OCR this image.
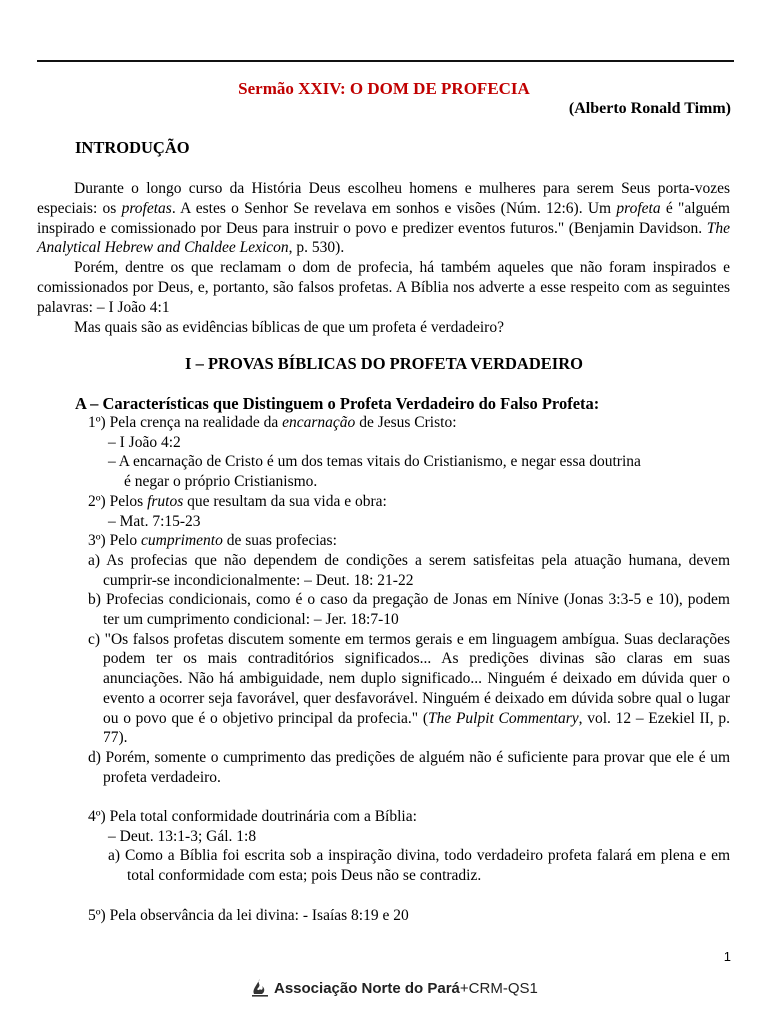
Sermão XXIV: O DOM DE PROFECIA
(Alberto Ronald Timm)
INTRODUÇÃO

Durante o longo curso da História Deus escolheu homens e mulheres para serem Seus porta-vozes especiais: os profetas. A estes o Senhor Se revelava em sonhos e visões (Núm. 12:6). Um profeta é "alguém inspirado e comissionado por Deus para instruir o povo e predizer eventos futuros." (Benjamin Davidson. The Analytical Hebrew and Chaldee Lexicon, p. 530).

Porém, dentre os que reclamam o dom de profecia, há também aqueles que não foram inspirados e comissionados por Deus, e, portanto, são falsos profetas. A Bíblia nos adverte a esse respeito com as seguintes palavras: – I João 4:1

Mas quais são as evidências bíblicas de que um profeta é verdadeiro?

I – PROVAS BÍBLICAS DO PROFETA VERDADEIRO
A – Características que Distinguem o Profeta Verdadeiro do Falso Profeta:

1º) Pela crença na realidade da encarnação de Jesus Cristo:

– I João 4:2

– A encarnação de Cristo é um dos temas vitais do Cristianismo, e negar essa doutrina

é negar o próprio Cristianismo.

2º) Pelos frutos que resultam da sua vida e obra:

– Mat. 7:15-23

3º) Pelo cumprimento de suas profecias:

a) As profecias que não dependem de condições a serem satisfeitas pela atuação humana, devem cumprir-se incondicionalmente: – Deut. 18: 21-22

b) Profecias condicionais, como é o caso da pregação de Jonas em Nínive (Jonas 3:3-5 e 10), podem ter um cumprimento condicional: – Jer. 18:7-10

c) "Os falsos profetas discutem somente em termos gerais e em linguagem ambígua. Suas declarações podem ter os mais contraditórios significados... As predições divinas são claras em suas anunciações. Não há ambiguidade, nem duplo significado... Ninguém é deixado em dúvida quer o evento a ocorrer seja favorável, quer desfavorável. Ninguém é deixado em dúvida sobre qual o lugar ou o povo que é o objetivo principal da profecia." (The Pulpit Commentary, vol. 12 – Ezekiel II, p. 77).

d) Porém, somente o cumprimento das predições de alguém não é suficiente para provar que ele é um profeta verdadeiro.

4º) Pela total conformidade doutrinária com a Bíblia:

– Deut. 13:1-3; Gál. 1:8

a) Como a Bíblia foi escrita sob a inspiração divina, todo verdadeiro profeta falará em plena e em total conformidade com esta; pois Deus não se contradiz.

5º) Pela observância da lei divina: - Isaías 8:19 e 20

1
Associação Norte do Pará +CRM-QS1
